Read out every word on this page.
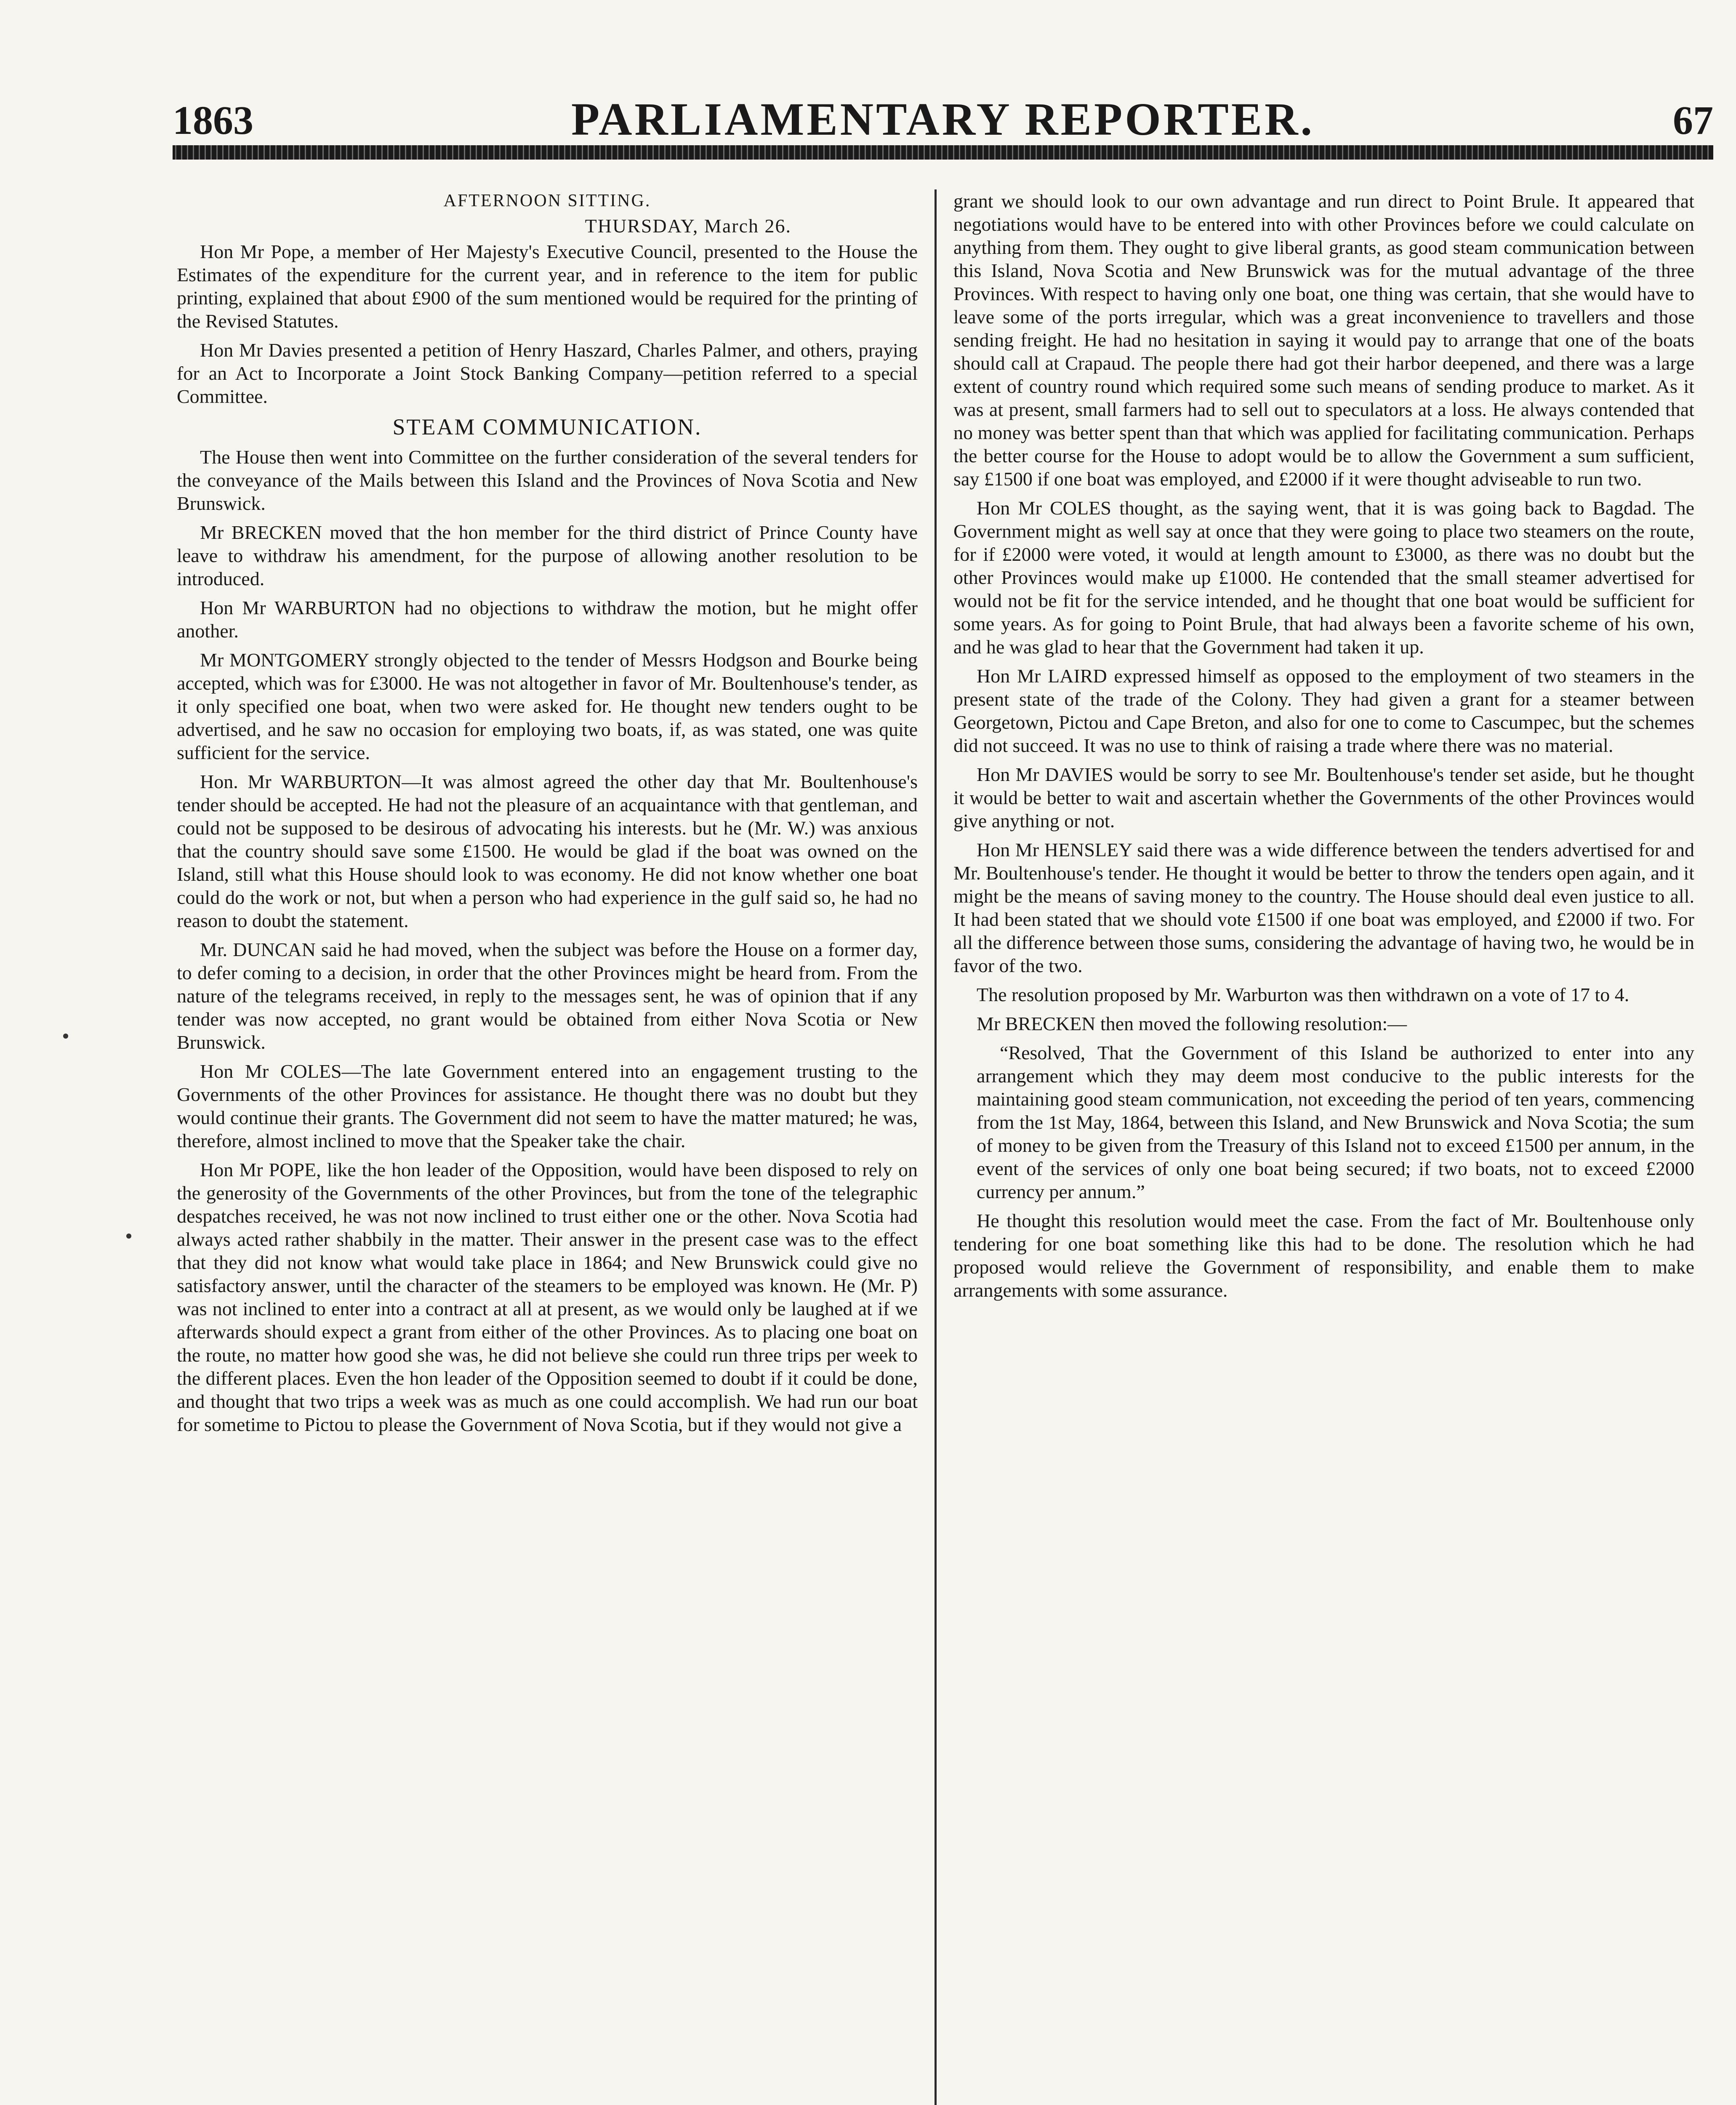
1863	PARLIAMENTARY REPORTER.	67
AFTERNOON SITTING.
THURSDAY, March 26.

Hon Mr Pope, a member of Her Majesty's Executive Council, presented to the House the Estimates of the expenditure for the current year, and in reference to the item for public printing, explained that about £900 of the sum mentioned would be required for the printing of the Revised Statutes.

Hon Mr Davies presented a petition of Henry Haszard, Charles Palmer, and others, praying for an Act to Incorporate a Joint Stock Banking Company—petition referred to a special Committee.

STEAM COMMUNICATION.

The House then went into Committee on the further consideration of the several tenders for the conveyance of the Mails between this Island and the Provinces of Nova Scotia and New Brunswick.

Mr BRECKEN moved that the hon member for the third district of Prince County have leave to withdraw his amendment, for the purpose of allowing another resolution to be introduced.

Hon Mr WARBURTON had no objections to withdraw the motion, but he might offer another.

Mr MONTGOMERY strongly objected to the tender of Messrs Hodgson and Bourke being accepted, which was for £3000. He was not altogether in favor of Mr. Boultenhouse's tender, as it only specified one boat, when two were asked for. He thought new tenders ought to be advertised, and he saw no occasion for employing two boats, if, as was stated, one was quite sufficient for the service.

Hon. Mr WARBURTON—It was almost agreed the other day that Mr. Boultenhouse's tender should be accepted. He had not the pleasure of an acquaintance with that gentleman, and could not be supposed to be desirous of advocating his interests. but he (Mr. W.) was anxious that the country should save some £1500. He would be glad if the boat was owned on the Island, still what this House should look to was economy. He did not know whether one boat could do the work or not, but when a person who had experience in the gulf said so, he had no reason to doubt the statement.

Mr. DUNCAN said he had moved, when the subject was before the House on a former day, to defer coming to a decision, in order that the other Provinces might be heard from. From the nature of the telegrams received, in reply to the messages sent, he was of opinion that if any tender was now accepted, no grant would be obtained from either Nova Scotia or New Brunswick.

Hon Mr COLES—The late Government entered into an engagement trusting to the Governments of the other Provinces for assistance. He thought there was no doubt but they would continue their grants. The Government did not seem to have the matter matured; he was, therefore, almost inclined to move that the Speaker take the chair.

Hon Mr POPE, like the hon leader of the Opposition, would have been disposed to rely on the generosity of the Governments of the other Provinces, but from the tone of the telegraphic despatches received, he was not now inclined to trust either one or the other. Nova Scotia had always acted rather shabbily in the matter. Their answer in the present case was to the effect that they did not know what would take place in 1864; and New Brunswick could give no satisfactory answer, until the character of the steamers to be employed was known. He (Mr. P) was not inclined to enter into a contract at all at present, as we would only be laughed at if we afterwards should expect a grant from either of the other Provinces. As to placing one boat on the route, no matter how good she was, he did not believe she could run three trips per week to the different places. Even the hon leader of the Opposition seemed to doubt if it could be done, and thought that two trips a week was as much as one could accomplish. We had run our boat for sometime to Pictou to please the Government of Nova Scotia, but if they would not give a

grant we should look to our own advantage and run direct to Point Brule. It appeared that negotiations would have to be entered into with other Provinces before we could calculate on anything from them. They ought to give liberal grants, as good steam communication between this Island, Nova Scotia and New Brunswick was for the mutual advantage of the three Provinces. With respect to having only one boat, one thing was certain, that she would have to leave some of the ports irregular, which was a great inconvenience to travellers and those sending freight. He had no hesitation in saying it would pay to arrange that one of the boats should call at Crapaud. The people there had got their harbor deepened, and there was a large extent of country round which required some such means of sending produce to market. As it was at present, small farmers had to sell out to speculators at a loss. He always contended that no money was better spent than that which was applied for facilitating communication. Perhaps the better course for the House to adopt would be to allow the Government a sum sufficient, say £1500 if one boat was employed, and £2000 if it were thought adviseable to run two.

Hon Mr COLES thought, as the saying went, that it is was going back to Bagdad. The Government might as well say at once that they were going to place two steamers on the route, for if £2000 were voted, it would at length amount to £3000, as there was no doubt but the other Provinces would make up £1000. He contended that the small steamer advertised for would not be fit for the service intended, and he thought that one boat would be sufficient for some years. As for going to Point Brule, that had always been a favorite scheme of his own, and he was glad to hear that the Government had taken it up.

Hon Mr LAIRD expressed himself as opposed to the employment of two steamers in the present state of the trade of the Colony. They had given a grant for a steamer between Georgetown, Pictou and Cape Breton, and also for one to come to Cascumpec, but the schemes did not succeed. It was no use to think of raising a trade where there was no material.

Hon Mr DAVIES would be sorry to see Mr. Boultenhouse's tender set aside, but he thought it would be better to wait and ascertain whether the Governments of the other Provinces would give anything or not.

Hon Mr HENSLEY said there was a wide difference between the tenders advertised for and Mr. Boultenhouse's tender. He thought it would be better to throw the tenders open again, and it might be the means of saving money to the country. The House should deal even justice to all. It had been stated that we should vote £1500 if one boat was employed, and £2000 if two. For all the difference between those sums, considering the advantage of having two, he would be in favor of the two.

The resolution proposed by Mr. Warburton was then withdrawn on a vote of 17 to 4.

Mr BRECKEN then moved the following resolution:—

“Resolved, That the Government of this Island be authorized to enter into any arrangement which they may deem most conducive to the public interests for the maintaining good steam communication, not exceeding the period of ten years, commencing from the 1st May, 1864, between this Island, and New Brunswick and Nova Scotia; the sum of money to be given from the Treasury of this Island not to exceed £1500 per annum, in the event of the services of only one boat being secured; if two boats, not to exceed £2000 currency per annum.”

He thought this resolution would meet the case. From the fact of Mr. Boultenhouse only tendering for one boat something like this had to be done. The resolution which he had proposed would relieve the Government of responsibility, and enable them to make arrangements with some assurance.
